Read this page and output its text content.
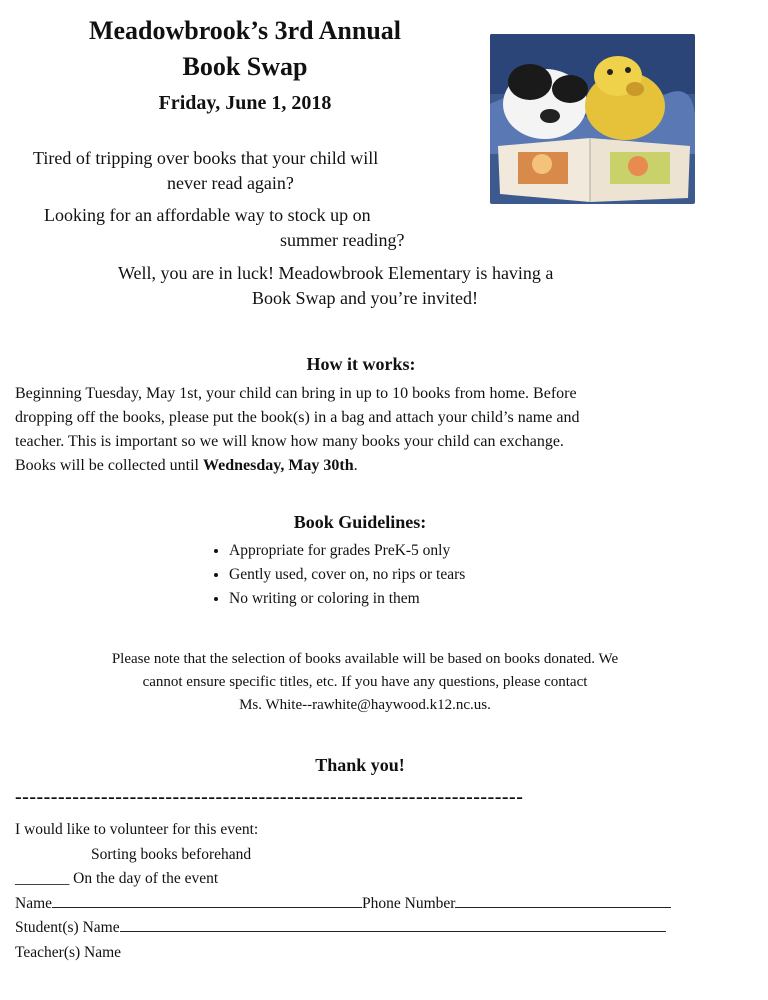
Meadowbrook’s 3rd Annual
Book Swap
Friday, June 1, 2018
Tired of tripping over books that your child will
never read again?
Looking for an affordable way to stock up on
summer reading?
Well, you are in luck! Meadowbrook Elementary is having a
Book Swap and you’re invited!
How it works:
Beginning Tuesday, May 1st, your child can bring in up to 10 books from home. Before
dropping off the books, please put the book(s) in a bag and attach your child’s name and
teacher. This is important so we will know how many books your child can exchange.
Books will be collected until Wednesday, May 30th.
Book Guidelines:
• Appropriate for grades PreK-5 only
• Gently used, cover on, no rips or tears
• No writing or coloring in them
Please note that the selection of books available will be based on books donated. We
cannot ensure specific titles, etc. If you have any questions, please contact
Ms. White--rawhite@haywood.k12.nc.us.
Thank you!
-----------------------------------------------------------------------
I would like to volunteer for this event:
Sorting books beforehand
_______ On the day of the event
Name	Phone Number
Student(s) Name
Teacher(s) Name
